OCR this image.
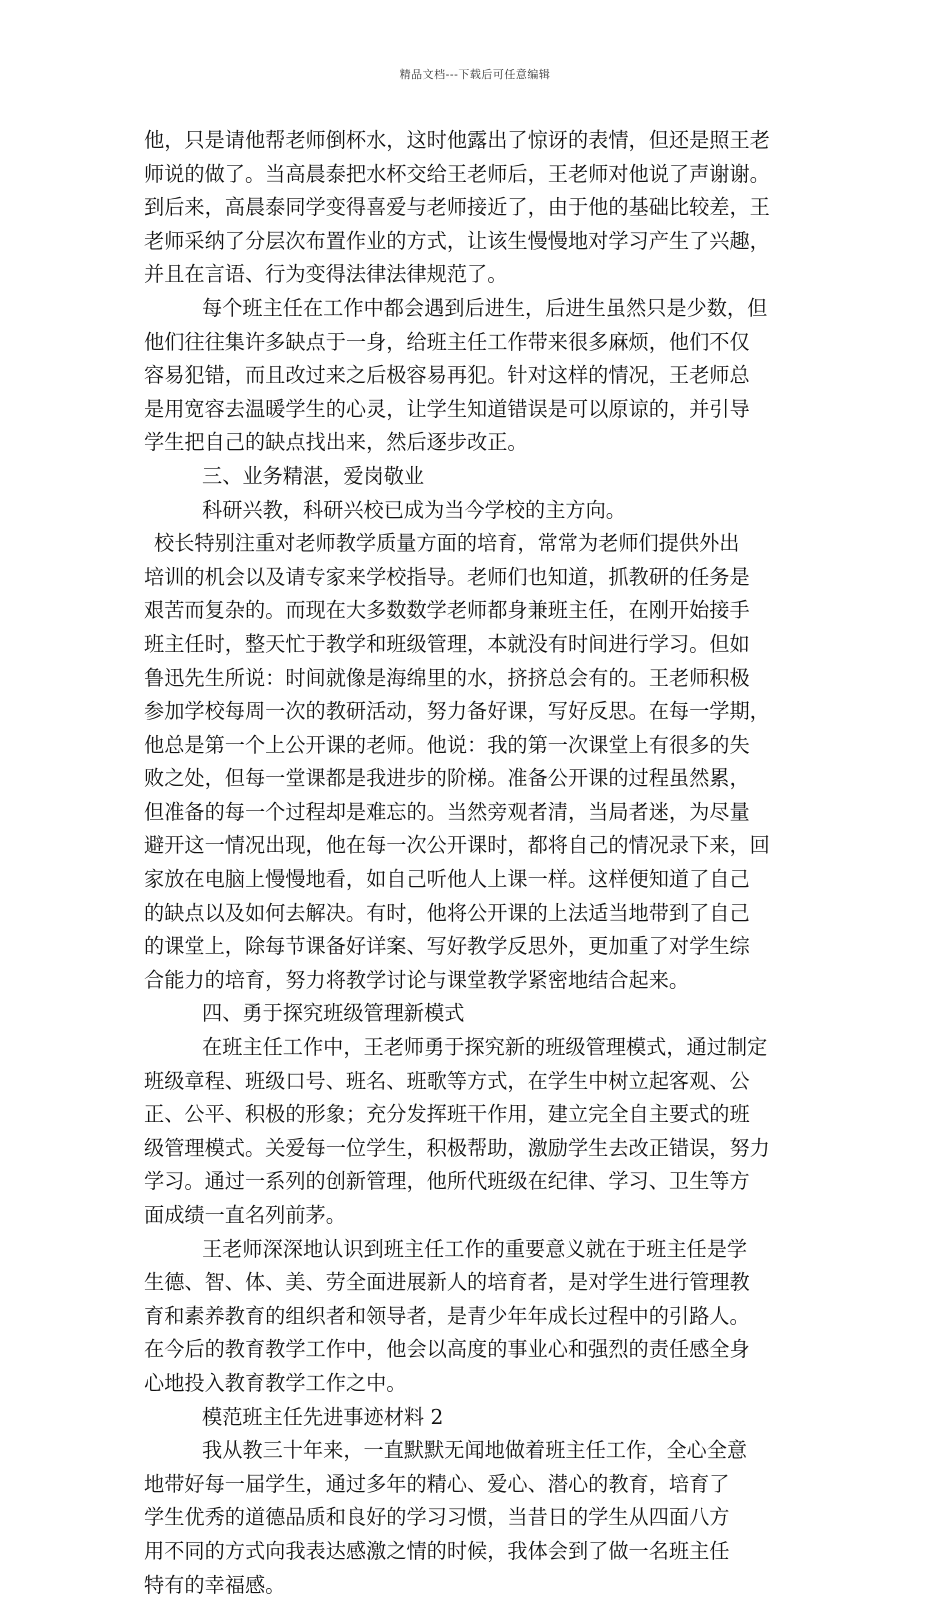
精品文档---下载后可任意编辑
他，只是请他帮老师倒杯水，这时他露出了惊讶的表情，但还是照王老
师说的做了。当高晨泰把水杯交给王老师后，王老师对他说了声谢谢。
到后来，高晨泰同学变得喜爱与老师接近了，由于他的基础比较差，王
老师采纳了分层次布置作业的方式，让该生慢慢地对学习产生了兴趣，
并且在言语、行为变得法律法律规范了。
每个班主任在工作中都会遇到后进生，后进生虽然只是少数，但
他们往往集许多缺点于一身，给班主任工作带来很多麻烦，他们不仅
容易犯错，而且改过来之后极容易再犯。针对这样的情况，王老师总
是用宽容去温暖学生的心灵，让学生知道错误是可以原谅的，并引导
学生把自己的缺点找出来，然后逐步改正。
三、业务精湛，爱岗敬业
科研兴教，科研兴校已成为当今学校的主方向。
校长特别注重对老师教学质量方面的培育，常常为老师们提供外出
培训的机会以及请专家来学校指导。老师们也知道，抓教研的任务是
艰苦而复杂的。而现在大多数数学老师都身兼班主任，在刚开始接手
班主任时，整天忙于教学和班级管理，本就没有时间进行学习。但如
鲁迅先生所说：时间就像是海绵里的水，挤挤总会有的。王老师积极
参加学校每周一次的教研活动，努力备好课，写好反思。在每一学期，
他总是第一个上公开课的老师。他说：我的第一次课堂上有很多的失
败之处，但每一堂课都是我进步的阶梯。准备公开课的过程虽然累，
但准备的每一个过程却是难忘的。当然旁观者清，当局者迷，为尽量
避开这一情况出现，他在每一次公开课时，都将自己的情况录下来，回
家放在电脑上慢慢地看，如自己听他人上课一样。这样便知道了自己
的缺点以及如何去解决。有时，他将公开课的上法适当地带到了自己
的课堂上，除每节课备好详案、写好教学反思外，更加重了对学生综
合能力的培育，努力将教学讨论与课堂教学紧密地结合起来。
四、勇于探究班级管理新模式
在班主任工作中，王老师勇于探究新的班级管理模式，通过制定
班级章程、班级口号、班名、班歌等方式，在学生中树立起客观、公
正、公平、积极的形象；充分发挥班干作用，建立完全自主要式的班
级管理模式。关爱每一位学生，积极帮助，激励学生去改正错误，努力
学习。通过一系列的创新管理，他所代班级在纪律、学习、卫生等方
面成绩一直名列前茅。
王老师深深地认识到班主任工作的重要意义就在于班主任是学
生德、智、体、美、劳全面进展新人的培育者，是对学生进行管理教
育和素养教育的组织者和领导者，是青少年年成长过程中的引路人。
在今后的教育教学工作中，他会以高度的事业心和强烈的责任感全身
心地投入教育教学工作之中。
模范班主任先进事迹材料 2
我从教三十年来，一直默默无闻地做着班主任工作，全心全意
地带好每一届学生，通过多年的精心、爱心、潜心的教育，培育了
学生优秀的道德品质和良好的学习习惯，当昔日的学生从四面八方
用不同的方式向我表达感激之情的时候，我体会到了做一名班主任
特有的幸福感。
